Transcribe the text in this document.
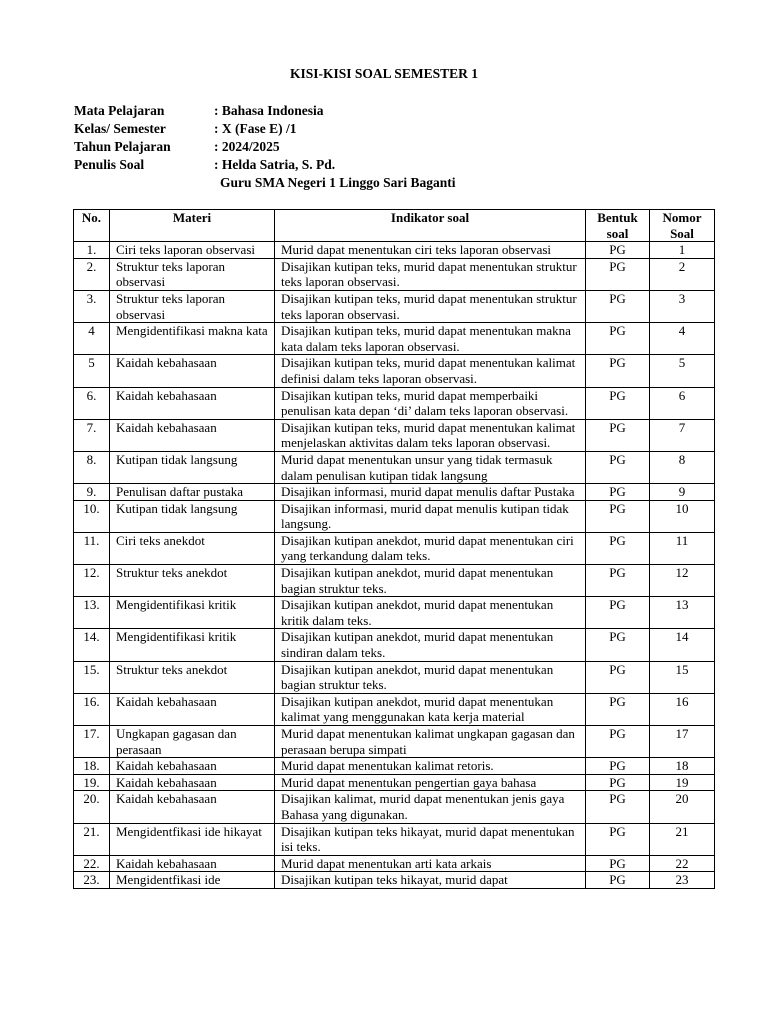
KISI-KISI SOAL SEMESTER 1
Mata Pelajaran	: Bahasa Indonesia
Kelas/ Semester	: X (Fase E) /1
Tahun Pelajaran	: 2024/2025
Penulis Soal	: Helda Satria, S. Pd.
Guru SMA Negeri 1 Linggo Sari Baganti
No.	Materi	Indikator soal	Bentuk soal	Nomor Soal
1.	Ciri teks laporan observasi	Murid dapat menentukan ciri teks laporan observasi	PG	1
2.	Struktur teks laporan observasi	Disajikan kutipan teks, murid dapat menentukan struktur teks laporan observasi.	PG	2
3.	Struktur teks laporan observasi	Disajikan kutipan teks, murid dapat menentukan struktur teks laporan observasi.	PG	3
4	Mengidentifikasi makna kata	Disajikan kutipan teks, murid dapat menentukan makna kata dalam teks laporan observasi.	PG	4
5	Kaidah kebahasaan	Disajikan kutipan teks, murid dapat menentukan kalimat definisi dalam teks laporan observasi.	PG	5
6.	Kaidah kebahasaan	Disajikan kutipan teks, murid dapat memperbaiki penulisan kata depan ‘di’ dalam teks laporan observasi.	PG	6
7.	Kaidah kebahasaan	Disajikan kutipan teks, murid dapat menentukan kalimat menjelaskan aktivitas dalam teks laporan observasi.	PG	7
8.	Kutipan tidak langsung	Murid dapat menentukan unsur yang tidak termasuk dalam penulisan kutipan tidak langsung	PG	8
9.	Penulisan daftar pustaka	Disajikan informasi, murid dapat menulis daftar Pustaka	PG	9
10.	Kutipan tidak langsung	Disajikan informasi, murid dapat menulis kutipan tidak langsung.	PG	10
11.	Ciri teks anekdot	Disajikan kutipan anekdot, murid dapat menentukan ciri yang terkandung dalam teks.	PG	11
12.	Struktur teks anekdot	Disajikan kutipan anekdot, murid dapat menentukan bagian struktur teks.	PG	12
13.	Mengidentifikasi kritik	Disajikan kutipan anekdot, murid dapat menentukan kritik dalam teks.	PG	13
14.	Mengidentifikasi kritik	Disajikan kutipan anekdot, murid dapat menentukan sindiran dalam teks.	PG	14
15.	Struktur teks anekdot	Disajikan kutipan anekdot, murid dapat menentukan bagian struktur teks.	PG	15
16.	Kaidah kebahasaan	Disajikan kutipan anekdot, murid dapat menentukan kalimat yang menggunakan kata kerja material	PG	16
17.	Ungkapan gagasan dan perasaan	Murid dapat menentukan kalimat ungkapan gagasan dan perasaan berupa simpati	PG	17
18.	Kaidah kebahasaan	Murid dapat menentukan kalimat retoris.	PG	18
19.	Kaidah kebahasaan	Murid dapat menentukan pengertian gaya bahasa	PG	19
20.	Kaidah kebahasaan	Disajikan kalimat, murid dapat menentukan jenis gaya Bahasa yang digunakan.	PG	20
21.	Mengidentfikasi ide hikayat	Disajikan kutipan teks hikayat, murid dapat menentukan isi teks.	PG	21
22.	Kaidah kebahasaan	Murid dapat menentukan arti kata arkais	PG	22
23.	Mengidentfikasi ide	Disajikan kutipan teks hikayat, murid dapat	PG	23
